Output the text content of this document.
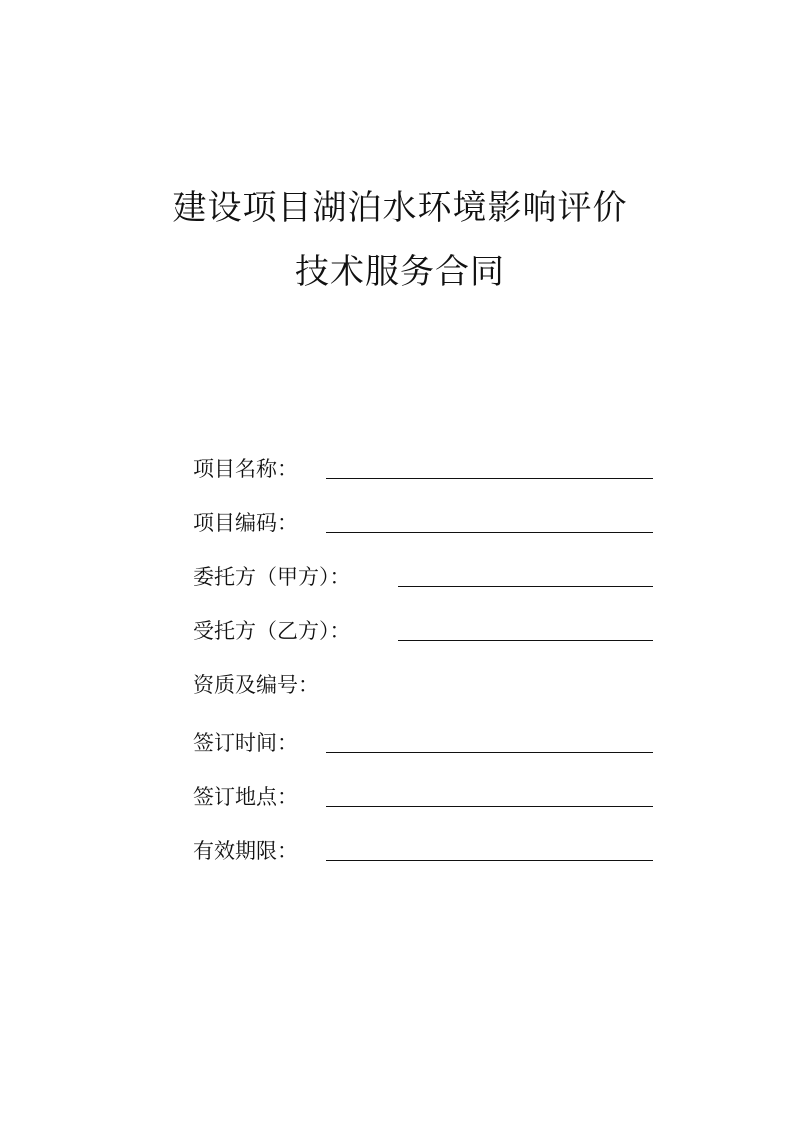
建设项目湖泊水环境影响评价
技术服务合同
项目名称：
项目编码：
委托方（甲方）：
受托方（乙方）：
资质及编号：
签订时间：
签订地点：
有效期限：
